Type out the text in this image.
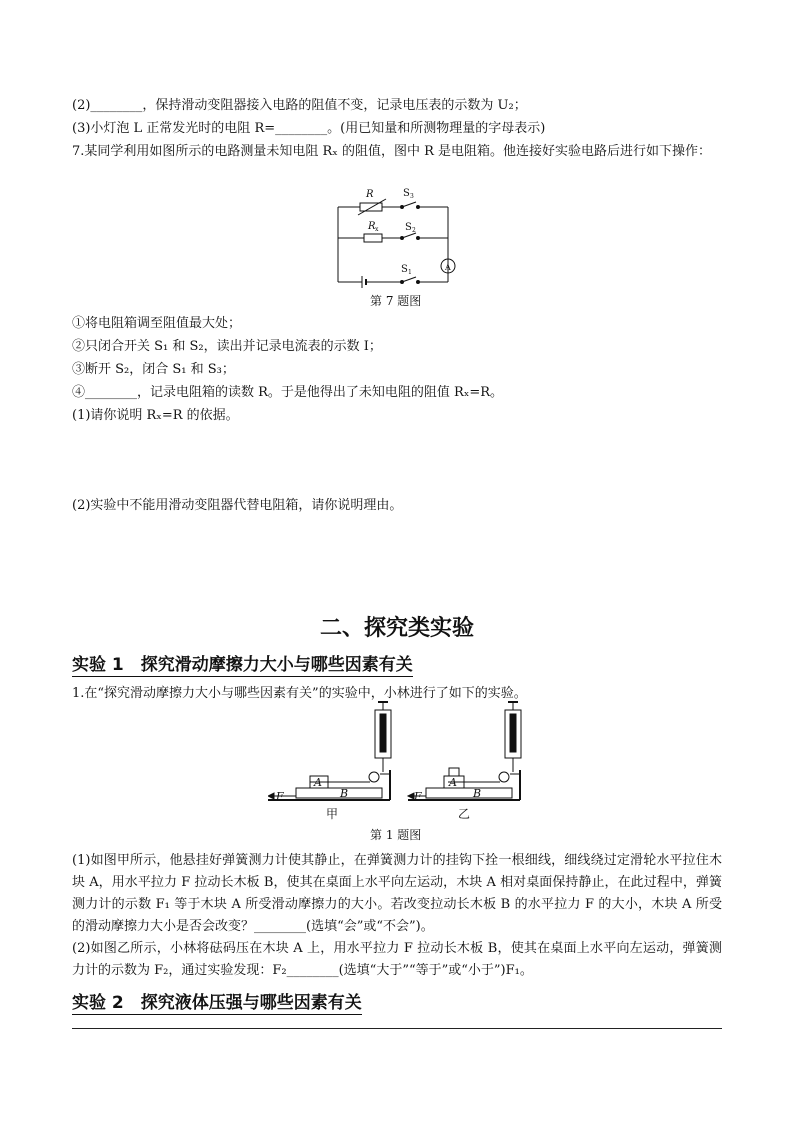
(2)________，保持滑动变阻器接入电路的阻值不变，记录电压表的示数为 U₂；
(3)小灯泡 L 正常发光时的电阻 R=________。(用已知量和所测物理量的字母表示)
7.某同学利用如图所示的电路测量未知电阻 Rₓ 的阻值，图中 R 是电阻箱。他连接好实验电路后进行如下操作：
R	S 3
R x	S 2
S 1
A
第 7 题图
①将电阻箱调至阻值最大处；
②只闭合开关 S₁ 和 S₂，读出并记录电流表的示数 I；
③断开 S₂，闭合 S₁ 和 S₃；
④________，记录电阻箱的读数 R。于是他得出了未知电阻的阻值 Rₓ=R。
(1)请你说明 Rₓ=R 的依据。
(2)实验中不能用滑动变阻器代替电阻箱，请你说明理由。
二、探究类实验
实验 1　探究滑动摩擦力大小与哪些因素有关
1.在“探究滑动摩擦力大小与哪些因素有关”的实验中，小林进行了如下的实验。
F
A
B	F
A
B
甲	乙
第 1 题图
(1)如图甲所示，他悬挂好弹簧测力计使其静止，在弹簧测力计的挂钩下拴一根细线，细线绕过定滑轮水平拉住木块 A，用水平拉力 F 拉动长木板 B，使其在桌面上水平向左运动，木块 A 相对桌面保持静止，在此过程中，弹簧测力计的示数 F₁ 等于木块 A 所受滑动摩擦力的大小。若改变拉动长木板 B 的水平拉力 F 的大小，木块 A 所受的滑动摩擦力大小是否会改变？________(选填“会”或“不会”)。
(2)如图乙所示，小林将砝码压在木块 A 上，用水平拉力 F 拉动长木板 B，使其在桌面上水平向左运动，弹簧测力计的示数为 F₂，通过实验发现：F₂________(选填“大于”“等于”或“小于”)F₁。
实验 2　探究液体压强与哪些因素有关
